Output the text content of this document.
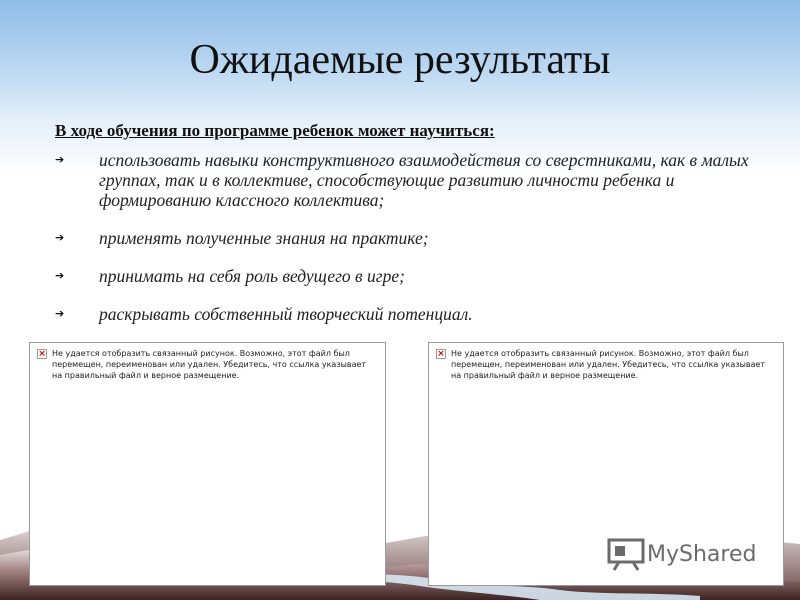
Ожидаемые результаты
В ходе обучения по программе ребенок может научиться:
➔ использовать навыки конструктивного взаимодействия со сверстниками, как в малых группах, так и в коллективе, способствующие развитию личности ребенка и формированию классного коллектива;
➔ применять полученные знания на практике;
➔ принимать на себя роль ведущего в игре;
➔ раскрывать собственный творческий потенциал.
× Не удается отобразить связанный рисунок. Возможно, этот файл был перемещен, переименован или удален. Убедитесь, что ссылка указывает на правильный файл и верное размещение.
× Не удается отобразить связанный рисунок. Возможно, этот файл был перемещен, переименован или удален. Убедитесь, что ссылка указывает на правильный файл и верное размещение.
MyShared
